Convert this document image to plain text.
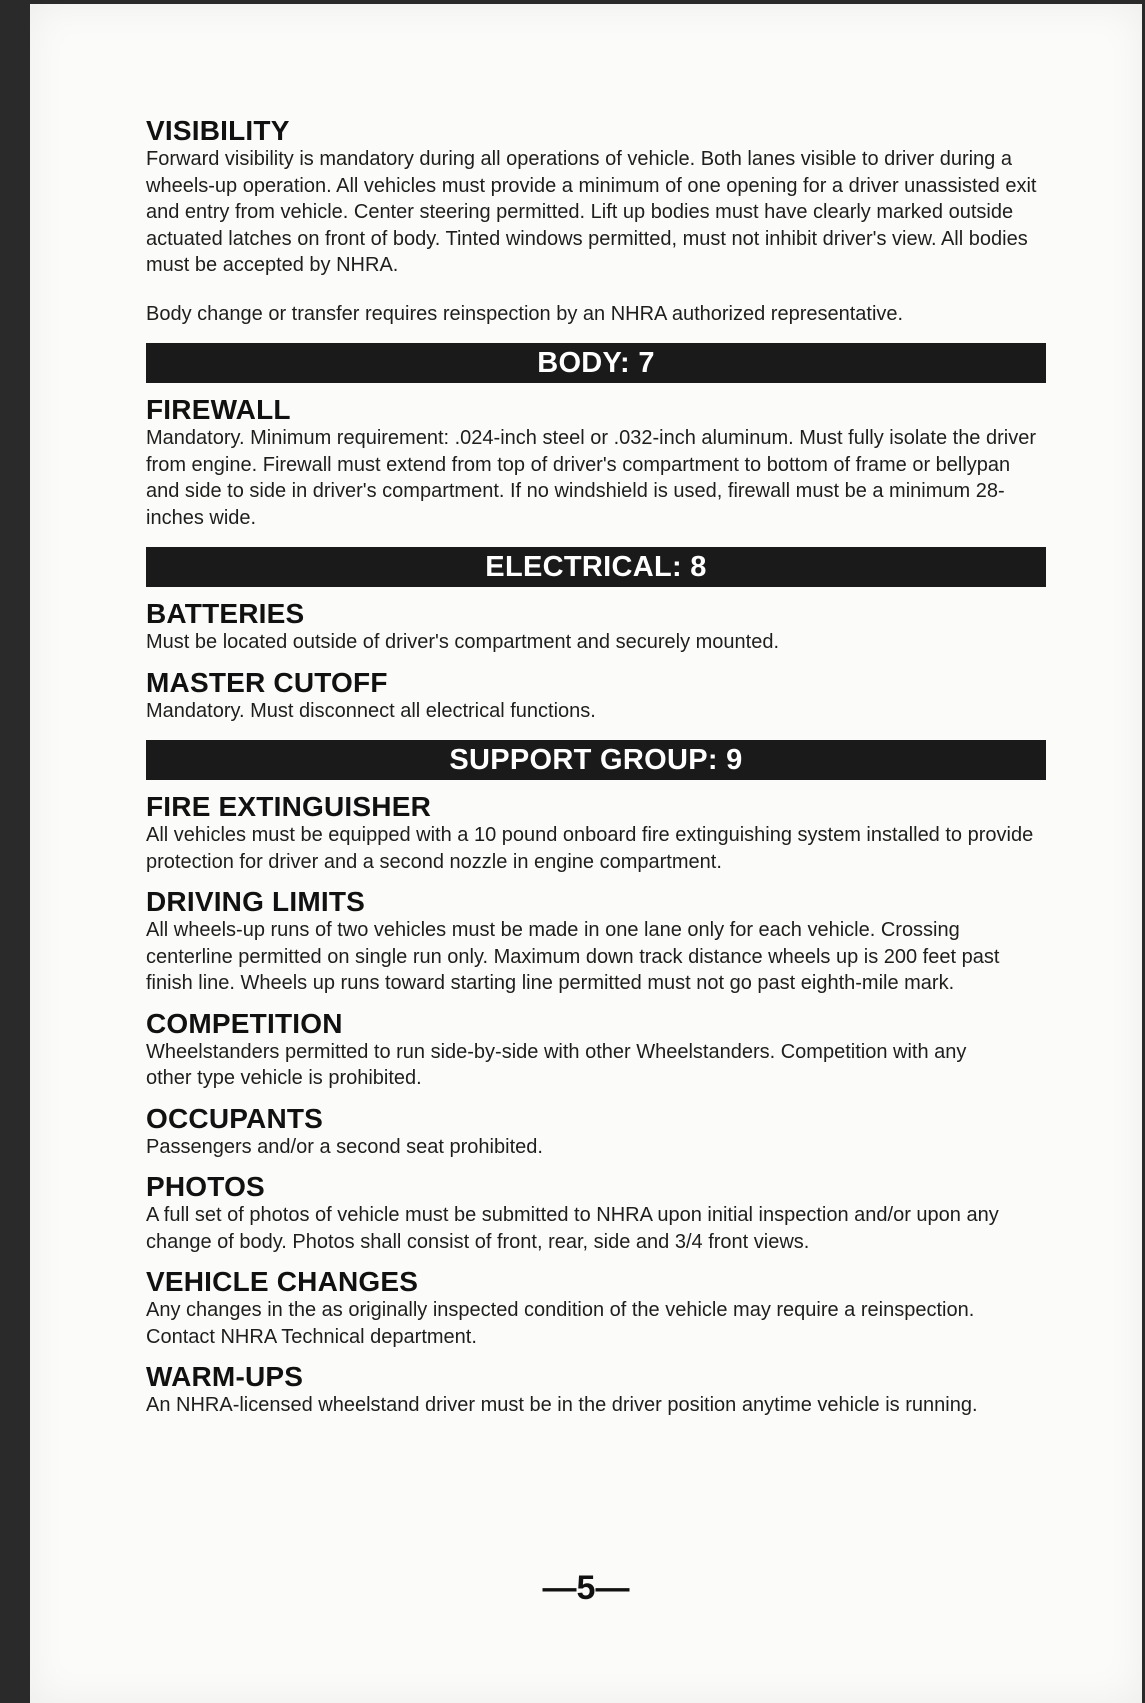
VISIBILITY

Forward visibility is mandatory during all operations of vehicle. Both lanes visible to driver during a wheels-up operation. All vehicles must provide a minimum of one opening for a driver unassisted exit and entry from vehicle. Center steering permitted. Lift up bodies must have clearly marked outside actuated latches on front of body. Tinted windows permitted, must not inhibit driver's view. All bodies must be accepted by NHRA.

Body change or transfer requires reinspection by an NHRA authorized representative.

BODY: 7
FIREWALL

Mandatory. Minimum requirement: .024-inch steel or .032-inch aluminum. Must fully isolate the driver from engine. Firewall must extend from top of driver's compartment to bottom of frame or bellypan and side to side in driver's compartment. If no windshield is used, firewall must be a minimum 28-inches wide.

ELECTRICAL: 8
BATTERIES

Must be located outside of driver's compartment and securely mounted.

MASTER CUTOFF

Mandatory. Must disconnect all electrical functions.

SUPPORT GROUP: 9
FIRE EXTINGUISHER

All vehicles must be equipped with a 10 pound onboard fire extinguishing system installed to provide protection for driver and a second nozzle in engine compartment.

DRIVING LIMITS

All wheels-up runs of two vehicles must be made in one lane only for each vehicle. Crossing centerline permitted on single run only. Maximum down track distance wheels up is 200 feet past finish line. Wheels up runs toward starting line permitted must not go past eighth-mile mark.

COMPETITION

Wheelstanders permitted to run side-by-side with other Wheelstanders. Competition with any other type vehicle is prohibited.

OCCUPANTS

Passengers and/or a second seat prohibited.

PHOTOS

A full set of photos of vehicle must be submitted to NHRA upon initial inspection and/or upon any change of body. Photos shall consist of front, rear, side and 3/4 front views.

VEHICLE CHANGES

Any changes in the as originally inspected condition of the vehicle may require a reinspection. Contact NHRA Technical department.

WARM-UPS

An NHRA-licensed wheelstand driver must be in the driver position anytime vehicle is running.

—5—
